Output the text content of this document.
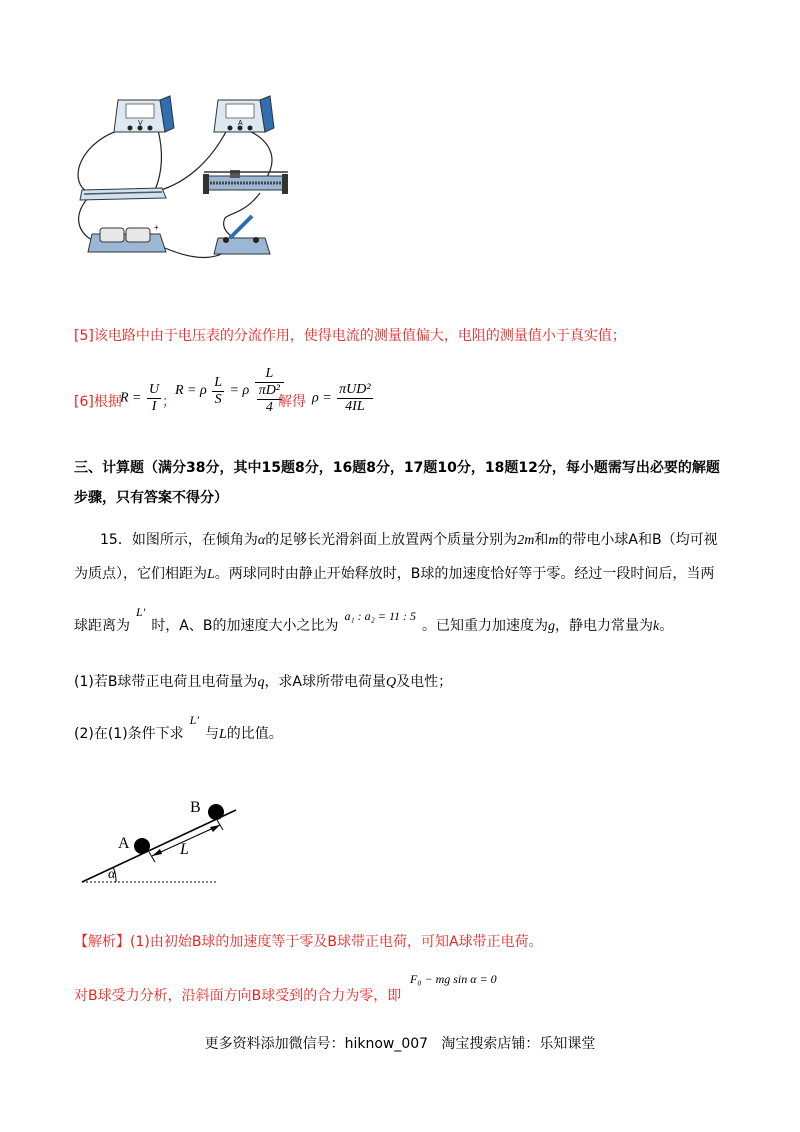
V	A
+
[5]该电路中由于电压表的分流作用，使得电流的测量值偏大，电阻的测量值小于真实值；
[6]根据
$R = \frac{U}{I}$ ；
R = ρ $\frac{L}{S} = \rho \frac{L}{\frac{\text{πD²}}{4}}$
解得 $\rho = \frac{\text{πUD²}}{4IL}$
三、计算题（满分38分，其中15题8分，16题8分，17题10分，18题12分，每小题需写出必要的解题
步骤，只有答案不得分）
15．如图所示，在倾角为α的足够长光滑斜面上放置两个质量分别为2m和m的带电小球A和B（均可视
为质点），它们相距为L。两球同时由静止开始释放时，B球的加速度恰好等于零。经过一段时间后，当两
球距离为L′时，A、B的加速度大小之比为a₁ : a₂ = 11 : 5。已知重力加速度为g，静电力常量为k。
(1)若B球带正电荷且电荷量为q，求A球所带电荷量Q及电性；
(2)在(1)条件下求L′与L的比值。
α
A
B
L
【解析】(1)由初始B球的加速度等于零及B球带正电荷，可知A球带正电荷。
对B球受力分析，沿斜面方向B球受到的合力为零，即
F₀ − mg sin α = 0
更多资料添加微信号：hiknow_007   淘宝搜索店铺：乐知课堂
